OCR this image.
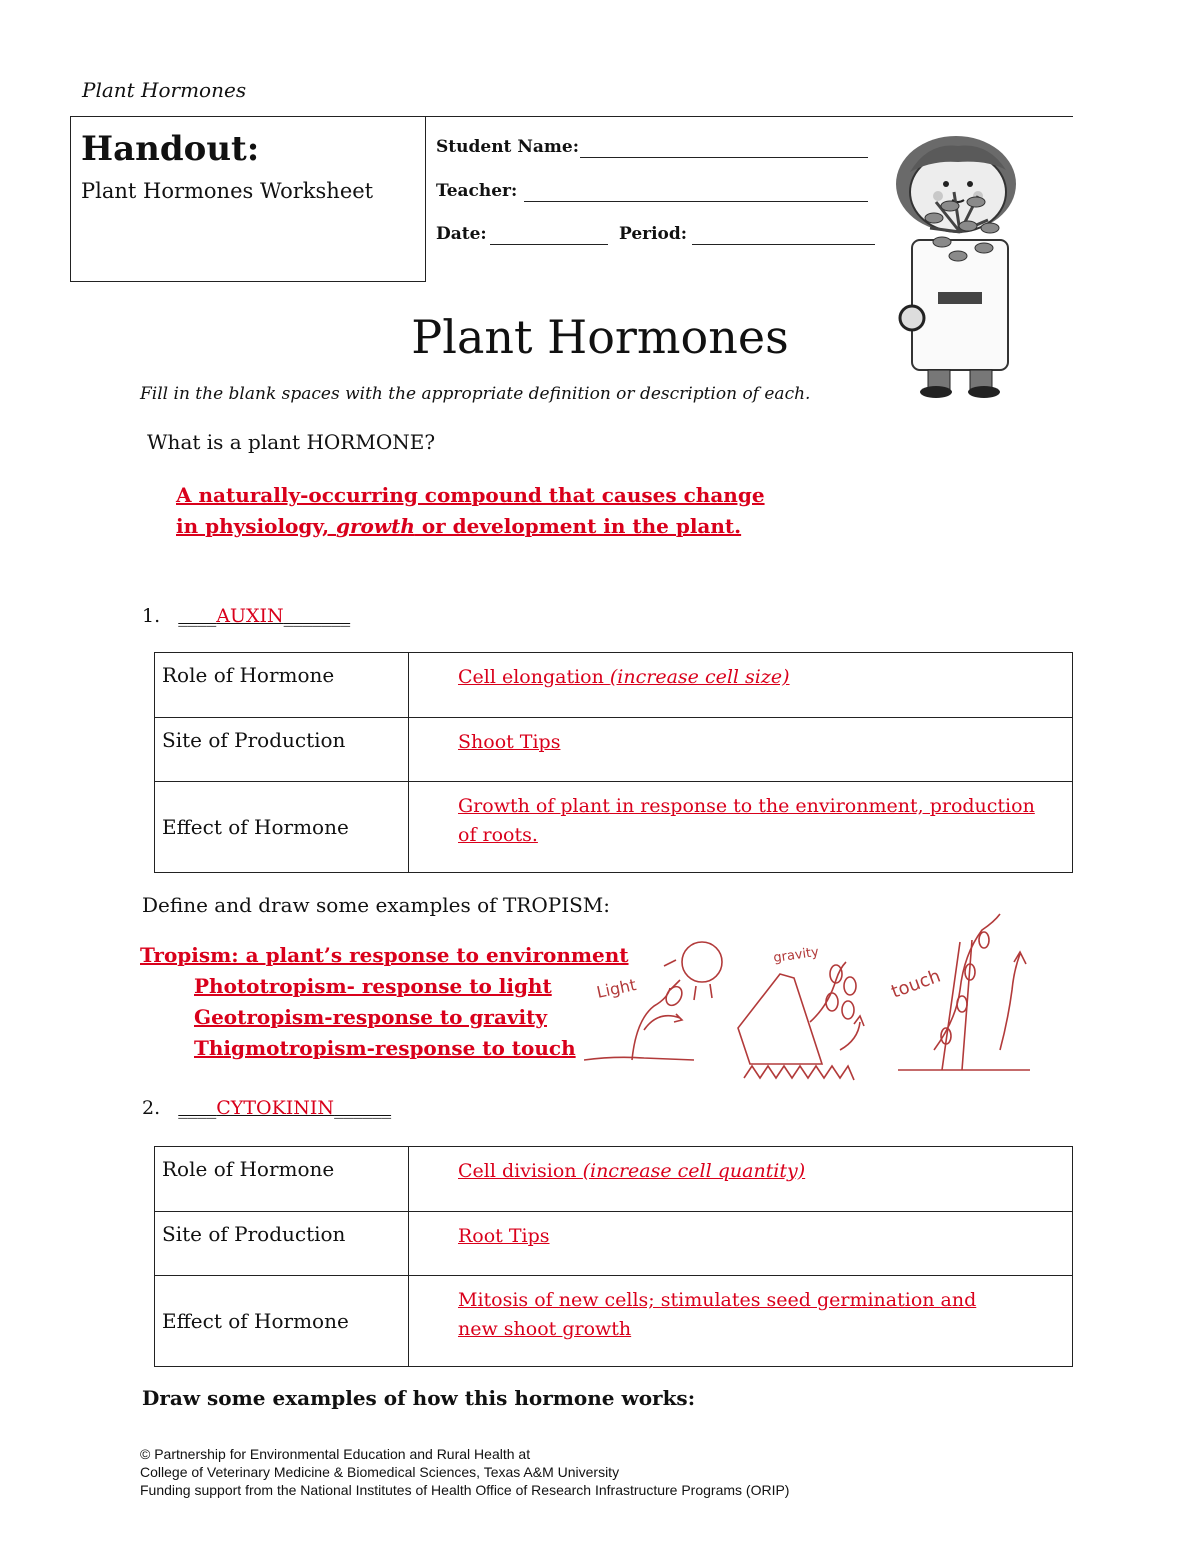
Plant Hormones
Handout:
Plant Hormones Worksheet
Student Name:
Teacher:
Date:	Period:
Plant Hormones
Fill in the blank spaces with the appropriate definition or description of each.
What is a plant HORMONE?
A naturally-occurring compound that causes change
in physiology, growth or development in the plant.
1. ____AUXIN_______
Role of Hormone	Cell elongation (increase cell size)
Site of Production	Shoot Tips
Effect of Hormone	Growth of plant in response to the environment, production of roots.
Define and draw some examples of TROPISM:
Tropism: a plant’s response to environment
Phototropism- response to light
Geotropism-response to gravity
Thigmotropism-response to touch
Light
gravity
touch
2. ____CYTOKININ______
Role of Hormone	Cell division (increase cell quantity)
Site of Production	Root Tips
Effect of Hormone	Mitosis of new cells; stimulates seed germination and new shoot growth
Draw some examples of how this hormone works:
© Partnership for Environmental Education and Rural Health at
College of Veterinary Medicine & Biomedical Sciences, Texas A&M University
Funding support from the National Institutes of Health Office of Research Infrastructure Programs (ORIP)
